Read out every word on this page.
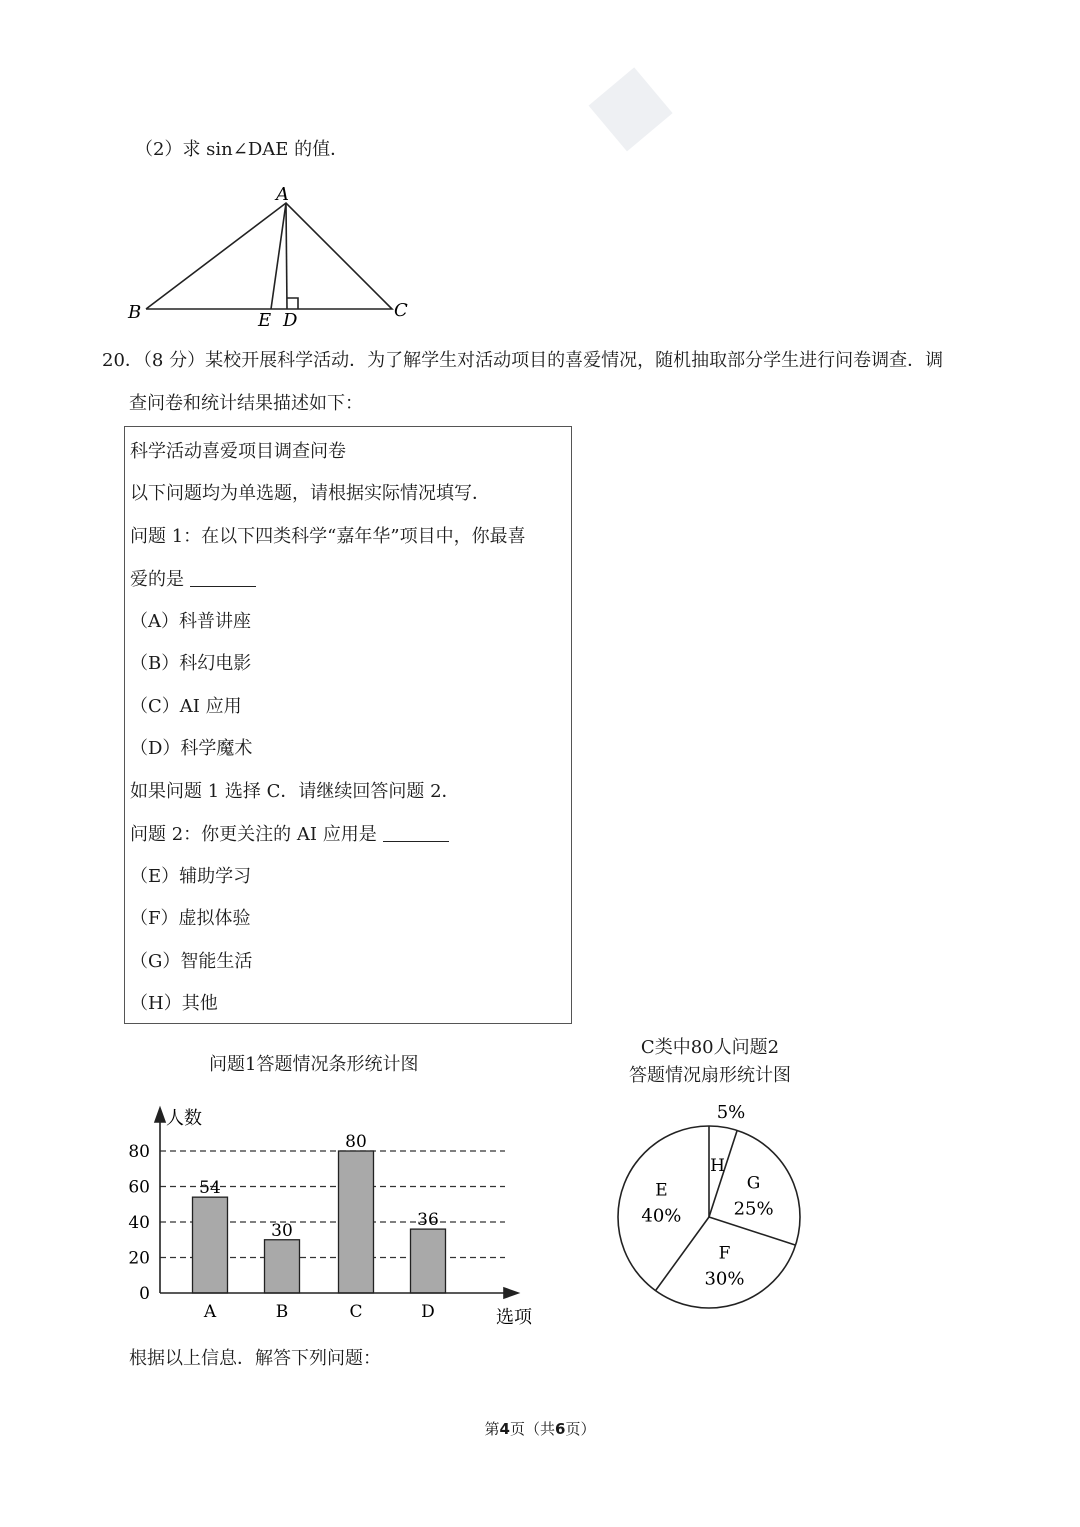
■
（2）求 sin∠DAE 的值．
A
B	C
D
E
20．（8 分）某校开展科学活动．为了解学生对活动项目的喜爱情况，随机抽取部分学生进行问卷调查．调
查问卷和统计结果描述如下：
科学活动喜爱项目调查问卷
以下问题均为单选题，请根据实际情况填写．
问题 1：在以下四类科学“嘉年华”项目中，你最喜
爱的是
（A）科普讲座
（B）科幻电影
（C）AI 应用
（D）科学魔术
如果问题 1 选择 C．请继续回答问题 2．
问题 2：你更关注的 AI 应用是
（E）辅助学习
（F）虚拟体验
（G）智能生活
（H）其他
问题1答题情况条形统计图
0
20
40
60
80
54
A
30
B
80
C
36
D
人数
选项
C类中80人问题2
答题情况扇形统计图
H
5%
G
25%
F
30%
E
40%
根据以上信息．解答下列问题：
第4页（共6页）
